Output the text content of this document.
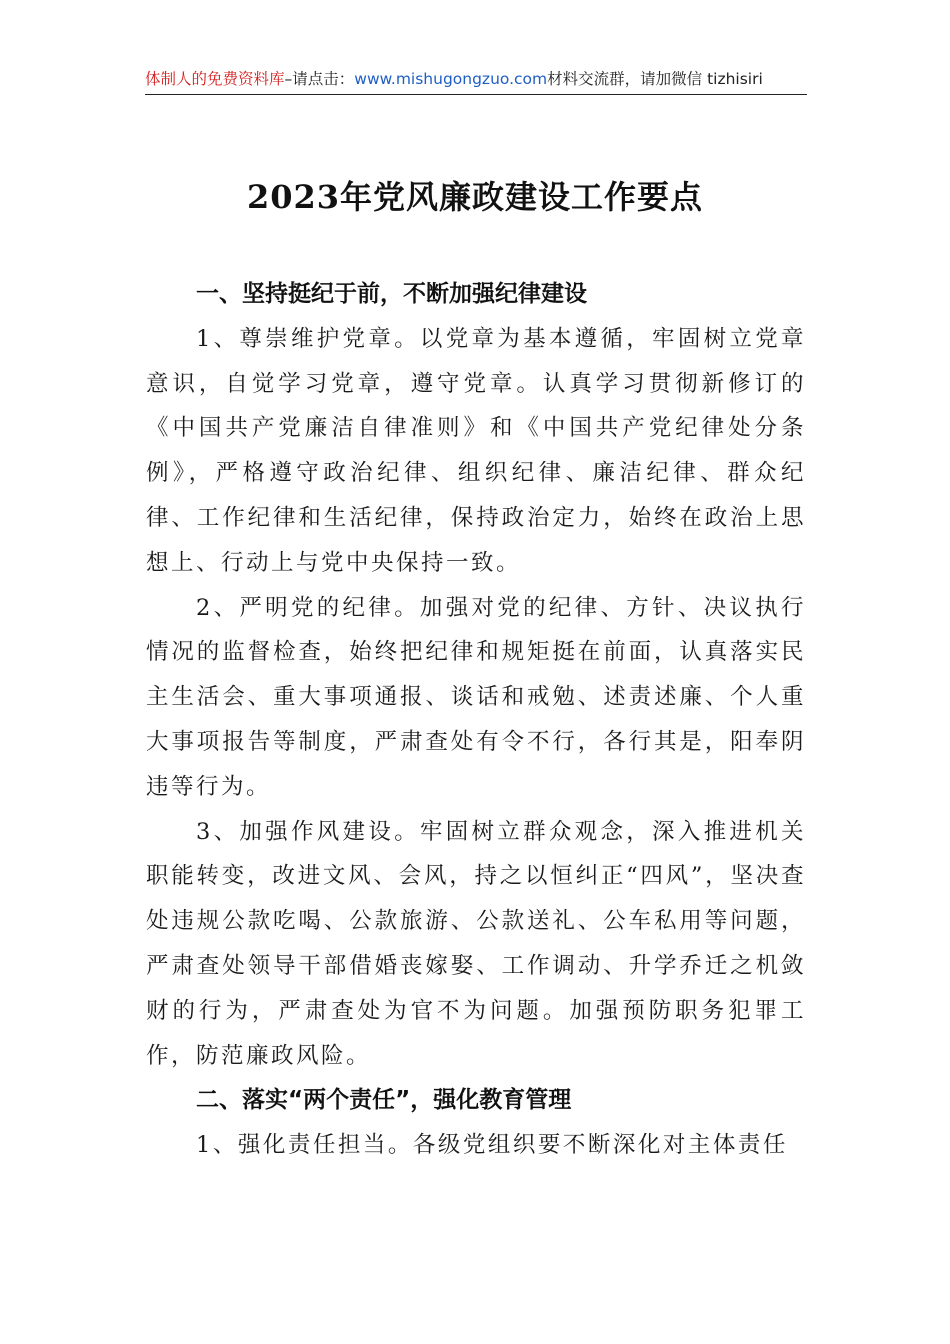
体制人的免费资料库–请点击：www.mishugongzuo.com材料交流群，请加微信 tizhisiri
2023年党风廉政建设工作要点
一、坚持挺纪于前，不断加强纪律建设

1、尊崇维护党章。以党章为基本遵循，牢固树立党章意识，自觉学习党章，遵守党章。认真学习贯彻新修订的《中国共产党廉洁自律准则》和《中国共产党纪律处分条例》，严格遵守政治纪律、组织纪律、廉洁纪律、群众纪律、工作纪律和生活纪律，保持政治定力，始终在政治上思想上、行动上与党中央保持一致。

2、严明党的纪律。加强对党的纪律、方针、决议执行情况的监督检查，始终把纪律和规矩挺在前面，认真落实民主生活会、重大事项通报、谈话和戒勉、述责述廉、个人重大事项报告等制度，严肃查处有令不行，各行其是，阳奉阴违等行为。

3、加强作风建设。牢固树立群众观念，深入推进机关职能转变，改进文风、会风，持之以恒纠正“四风”，坚决查处违规公款吃喝、公款旅游、公款送礼、公车私用等问题，严肃查处领导干部借婚丧嫁娶、工作调动、升学乔迁之机敛财的行为，严肃查处为官不为问题。加强预防职务犯罪工作，防范廉政风险。

二、落实“两个责任”，强化教育管理

1、强化责任担当。各级党组织要不断深化对主体责任
